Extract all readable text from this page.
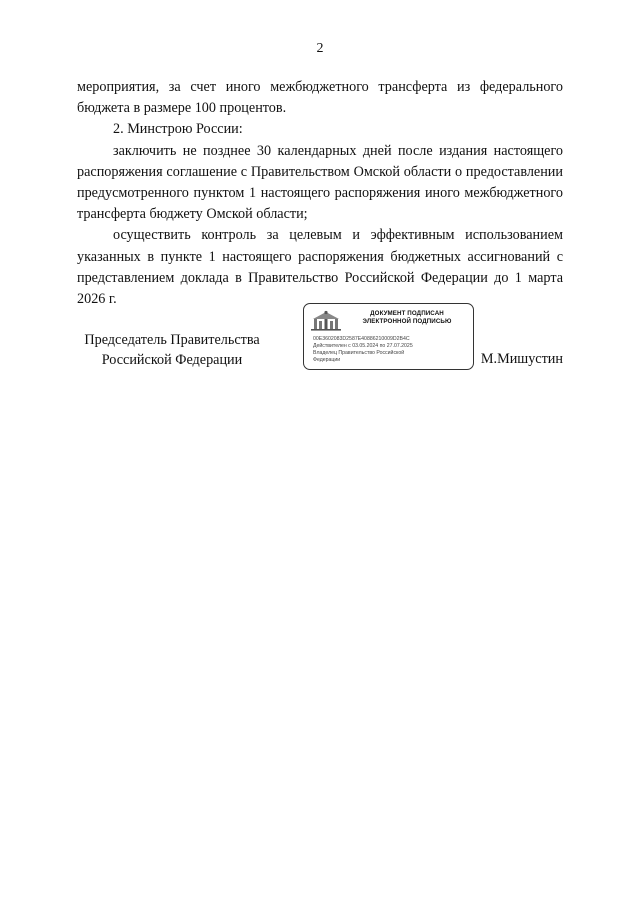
2

мероприятия, за счет иного межбюджетного трансферта из федерального бюджета в размере 100 процентов.

2. Минстрою России:

заключить не позднее 30 календарных дней после издания настоящего распоряжения соглашение с Правительством Омской области о предоставлении предусмотренного пунктом 1 настоящего распоряжения иного межбюджетного трансферта бюджету Омской области;

осуществить контроль за целевым и эффективным использованием указанных в пункте 1 настоящего распоряжения бюджетных ассигнований с представлением доклада в Правительство Российской Федерации до 1 марта 2026 г.

Председатель Правительства
Российской Федерации
ДОКУМЕНТ ПОДПИСАН
ЭЛЕКТРОННОЙ ПОДПИСЬЮ
00E3602083D2587E40886210009D2B4C
Действителен с 03.05.2024 по 27.07.2025
Владелец Правительство Российской
Федерации	М.Мишустин
